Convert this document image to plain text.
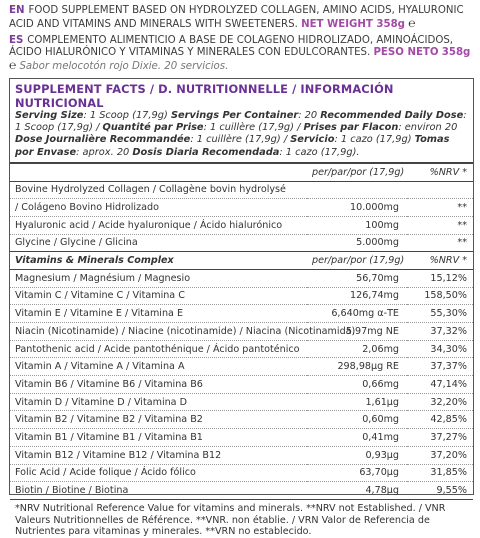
EN FOOD SUPPLEMENT BASED ON HYDROLYZED COLLAGEN, AMINO ACIDS, HYALURONIC ACID AND VITAMINS AND MINERALS WITH SWEETENERS. NET WEIGHT 358g ℮

ES COMPLEMENTO ALIMENTICIO A BASE DE COLAGENO HIDROLIZADO, AMINOÁCIDOS, ÁCIDO HIALURÓNICO Y VITAMINAS Y MINERALES CON EDULCORANTES. PESO NETO 358g ℮ Sabor melocotón rojo Dixie. 20 servicios.

SUPPLEMENT FACTS / D. NUTRITIONNELLE / INFORMACIÓN NUTRICIONAL
Serving Size: 1 Scoop (17,9g) Servings Per Container: 20 Recommended Daily Dose: 1 Scoop (17,9g) / Quantité par Prise: 1 cuillère (17,9g) / Prises par Flacon: environ 20 Dose Journalière Recommandée: 1 cuillère (17,9g) / Servicio: 1 cazo (17,9g) Tomas por Envase: aprox. 20 Dosis Diaria Recomendada: 1 cazo (17,9g).
	per/par/por (17,9g)	%NRV *
Bovine Hydrolyzed Collagen / Collagène bovin hydrolysé		
/ Colágeno Bovino Hidrolizado	10.000mg	**
Hyaluronic acid / Acide hyaluronique / Ácido hialurónico	100mg	**
Glycine / Glycine / Glicina	5.000mg	**
Vitamins & Minerals Complex	per/par/por (17,9g)	%NRV *
Magnesium / Magnésium / Magnesio	56,70mg	15,12%
Vitamin C / Vitamine C / Vitamina C	126,74mg	158,50%
Vitamin E / Vitamine E / Vitamina E	6,640mg α-TE	55,30%
Niacin (Nicotinamide) / Niacine (nicotinamide) / Niacina (Nicotinamida)	5,97mg NE	37,32%
Pantothenic acid / Acide pantothénique / Ácido pantoténico	2,06mg	34,30%
Vitamin A / Vitamine A / Vitamina A	298,98µg RE	37,37%
Vitamin B6 / Vitamine B6 / Vitamina B6	0,66mg	47,14%
Vitamin D / Vitamine D / Vitamina D	1,61µg	32,20%
Vitamin B2 / Vitamine B2 / Vitamina B2	0,60mg	42,85%
Vitamin B1 / Vitamine B1 / Vitamina B1	0,41mg	37,27%
Vitamin B12 / Vitamine B12 / Vitamina B12	0,93µg	37,20%
Folic Acid / Acide folique / Ácido fólico	63,70µg	31,85%
Biotin / Biotine / Biotina	4,78µg	9,55%
*NRV Nutritional Reference Value for vitamins and minerals. **NRV not Established. / VNR Valeurs Nutritionnelles de Référence. **VNR. non établie. / VRN Valor de Referencia de Nutrientes para vitaminas y minerales. **VRN no establecido.
